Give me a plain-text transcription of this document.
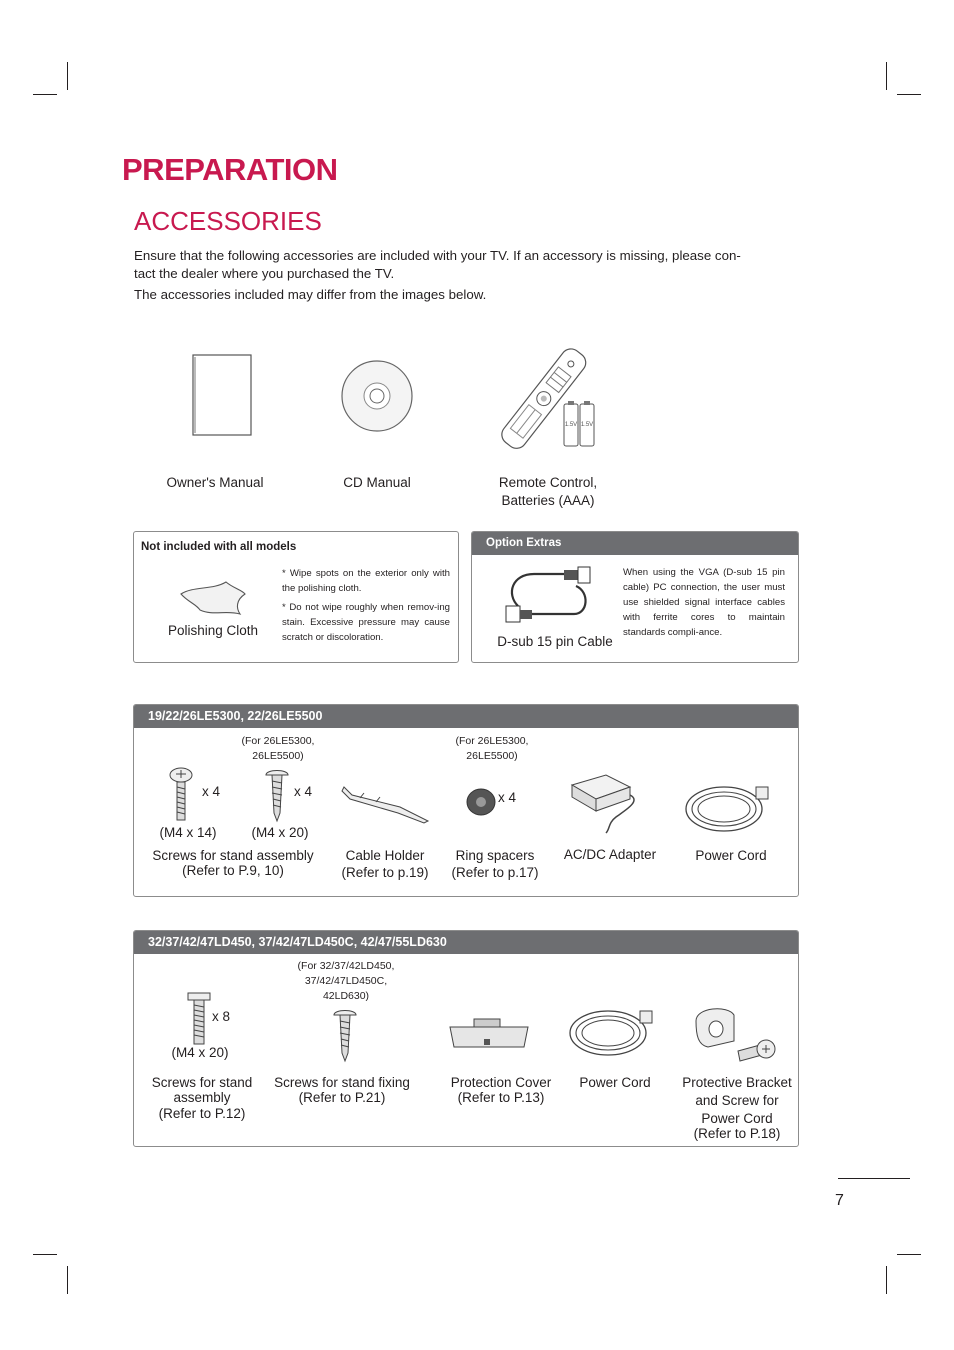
PREPARATION
ACCESSORIES
Ensure that the following accessories are included with your TV. If an accessory is missing, please con-
tact the dealer where you purchased the TV.
The accessories included may differ from the images below.
Owner's Manual	CD Manual
1.5V 1.5V
Remote Control,
Batteries (AAA)
Not included with all models
Polishing Cloth
* Wipe spots on the exterior only with the polishing cloth.
* Do not wipe roughly when remov-ing stain. Excessive pressure may cause scratch or discoloration.
Option Extras
D-sub 15 pin Cable
When using the VGA (D-sub 15 pin cable) PC connection, the user must use shielded signal interface cables with ferrite cores to maintain standards compli-ance.
19/22/26LE5300, 22/26LE5500
(For 26LE5300,
26LE5500)
(For 26LE5300,
26LE5500)
x 4	x 4
(M4 x 14)	(M4 x 20)
x 4
Screws for stand assembly
(Refer to P.9, 10)
Cable Holder
(Refer to p.19)
Ring spacers
(Refer to p.17)
AC/DC Adapter	Power Cord
32/37/42/47LD450, 37/42/47LD450C, 42/47/55LD630
(For 32/37/42LD450,
37/42/47LD450C,
42LD630)
x 8
(M4 x 20)
Screws for stand
assembly
(Refer to P.12)
Screws for stand fixing
(Refer to P.21)
Protection Cover
(Refer to P.13)
Power Cord	Protective Bracket
and Screw for
Power Cord
(Refer to P.18)
7
